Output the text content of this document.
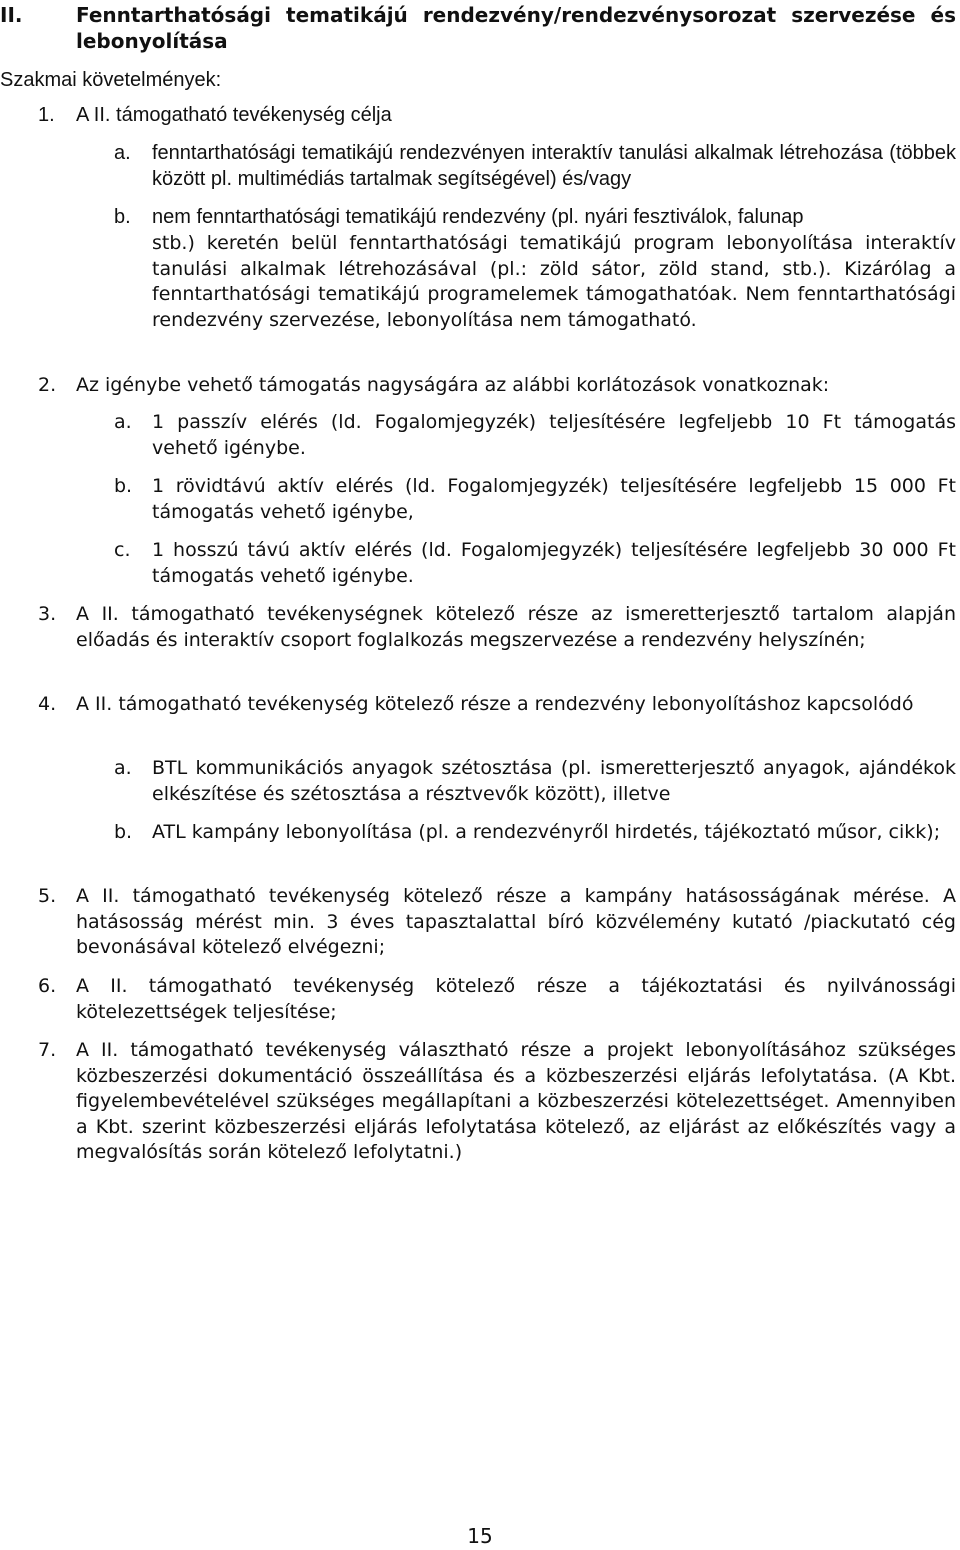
II.	Fenntarthatósági tematikájú rendezvény/rendezvénysorozat szervezése és lebonyolítása
Szakmai követelmények:
1. A II. támogatható tevékenység célja
a. fenntarthatósági tematikájú rendezvényen interaktív tanulási alkalmak létrehozása (többek között pl. multimédiás tartalmak segítségével) és/vagy
b. nem fenntarthatósági tematikájú rendezvény (pl. nyári fesztiválok, falunap
stb.) keretén belül fenntarthatósági tematikájú program lebonyolítása interaktív tanulási alkalmak létrehozásával (pl.: zöld sátor, zöld stand, stb.). Kizárólag a fenntarthatósági tematikájú programelemek támogathatóak. Nem fenntarthatósági rendezvény szervezése, lebonyolítása nem támogatható.
2. Az igénybe vehető támogatás nagyságára az alábbi korlátozások vonatkoznak:
a. 1 passzív elérés (ld. Fogalomjegyzék) teljesítésére legfeljebb 10 Ft támogatás vehető igénybe.
b. 1 rövidtávú aktív elérés (ld. Fogalomjegyzék) teljesítésére legfeljebb 15 000 Ft támogatás vehető igénybe,
c. 1 hosszú távú aktív elérés (ld. Fogalomjegyzék) teljesítésére legfeljebb 30 000 Ft támogatás vehető igénybe.
3. A II. támogatható tevékenységnek kötelező része az ismeretterjesztő tartalom alapján előadás és interaktív csoport foglalkozás megszervezése a rendezvény helyszínén;
4. A II. támogatható tevékenység kötelező része a rendezvény lebonyolításhoz kapcsolódó
a. BTL kommunikációs anyagok szétosztása (pl. ismeretterjesztő anyagok, ajándékok elkészítése és szétosztása a résztvevők között), illetve
b. ATL kampány lebonyolítása (pl. a rendezvényről hirdetés, tájékoztató műsor, cikk);
5. A II. támogatható tevékenység kötelező része a kampány hatásosságának mérése. A hatásosság mérést min. 3 éves tapasztalattal bíró közvélemény kutató /piackutató cég bevonásával kötelező elvégezni;
6. A II. támogatható tevékenység kötelező része a tájékoztatási és nyilvánossági kötelezettségek teljesítése;
7. A II. támogatható tevékenység választható része a projekt lebonyolításához szükséges közbeszerzési dokumentáció összeállítása és a közbeszerzési eljárás lefolytatása. (A Kbt. figyelembevételével szükséges megállapítani a közbeszerzési kötelezettséget. Amennyiben a Kbt. szerint közbeszerzési eljárás lefolytatása kötelező, az eljárást az előkészítés vagy a megvalósítás során kötelező lefolytatni.)
15
